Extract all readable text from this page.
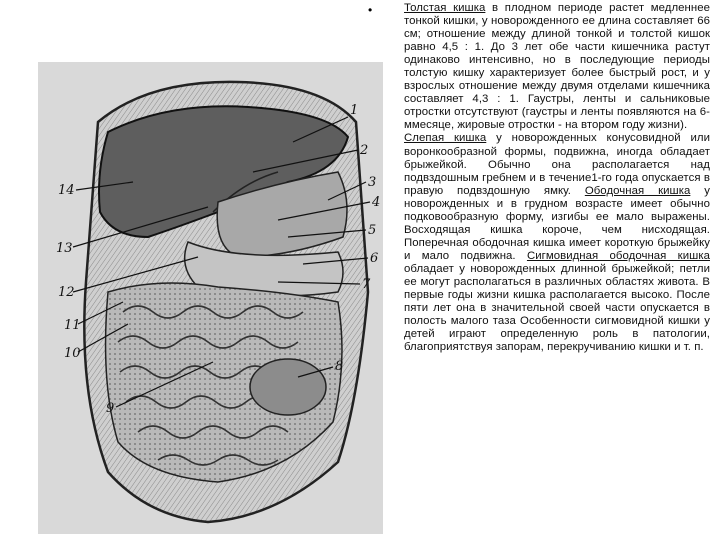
1
2
3
4
5
6
7
8
9
10
11
12
13
14
•	Толстая кишка в плодном периоде растет медленнее тонкой кишки, у новорожденного ее длина составляет 66 см; отношение между длиной тонкой и толстой кишок равно 4,5 : 1. До 3 лет обе части кишечника растут одинаково интенсивно, но в последующие периоды толстую кишку характеризует более быстрый рост, и у взрослых отношение между двумя отделами кишечника составляет 4,3 : 1. Гаустры, ленты и сальниковые отростки отсутствуют (гаустры и ленты появляются на 6-ммесяце, жировые отростки - на втором году жизни).

Слепая кишка у новорожденных конусовидной или воронкообразной формы, подвижна, иногда обладает брыжейкой. Обычно она располагается над подвздошным гребнем и в течение1-го года опускается в правую подвздошную ямку. Ободочная кишка у новорожденных и в грудном возрасте имеет обычно подковообразную форму, изгибы ее мало выражены. Восходящая кишка короче, чем нисходящая. Поперечная ободочная кишка имеет короткую брыжейку и мало подвижна. Сигмовидная ободочная кишка обладает у новорожденных длинной брыжейкой; петли ее могут располагаться в различных областях живота. В первые годы жизни кишка располагается высоко. После пяти лет она в значительной своей части опускается в полость малого таза Особенности сигмовидной кишки у детей играют определенную роль в патологии, благоприятствуя запорам, перекручиванию кишки и т. п.
